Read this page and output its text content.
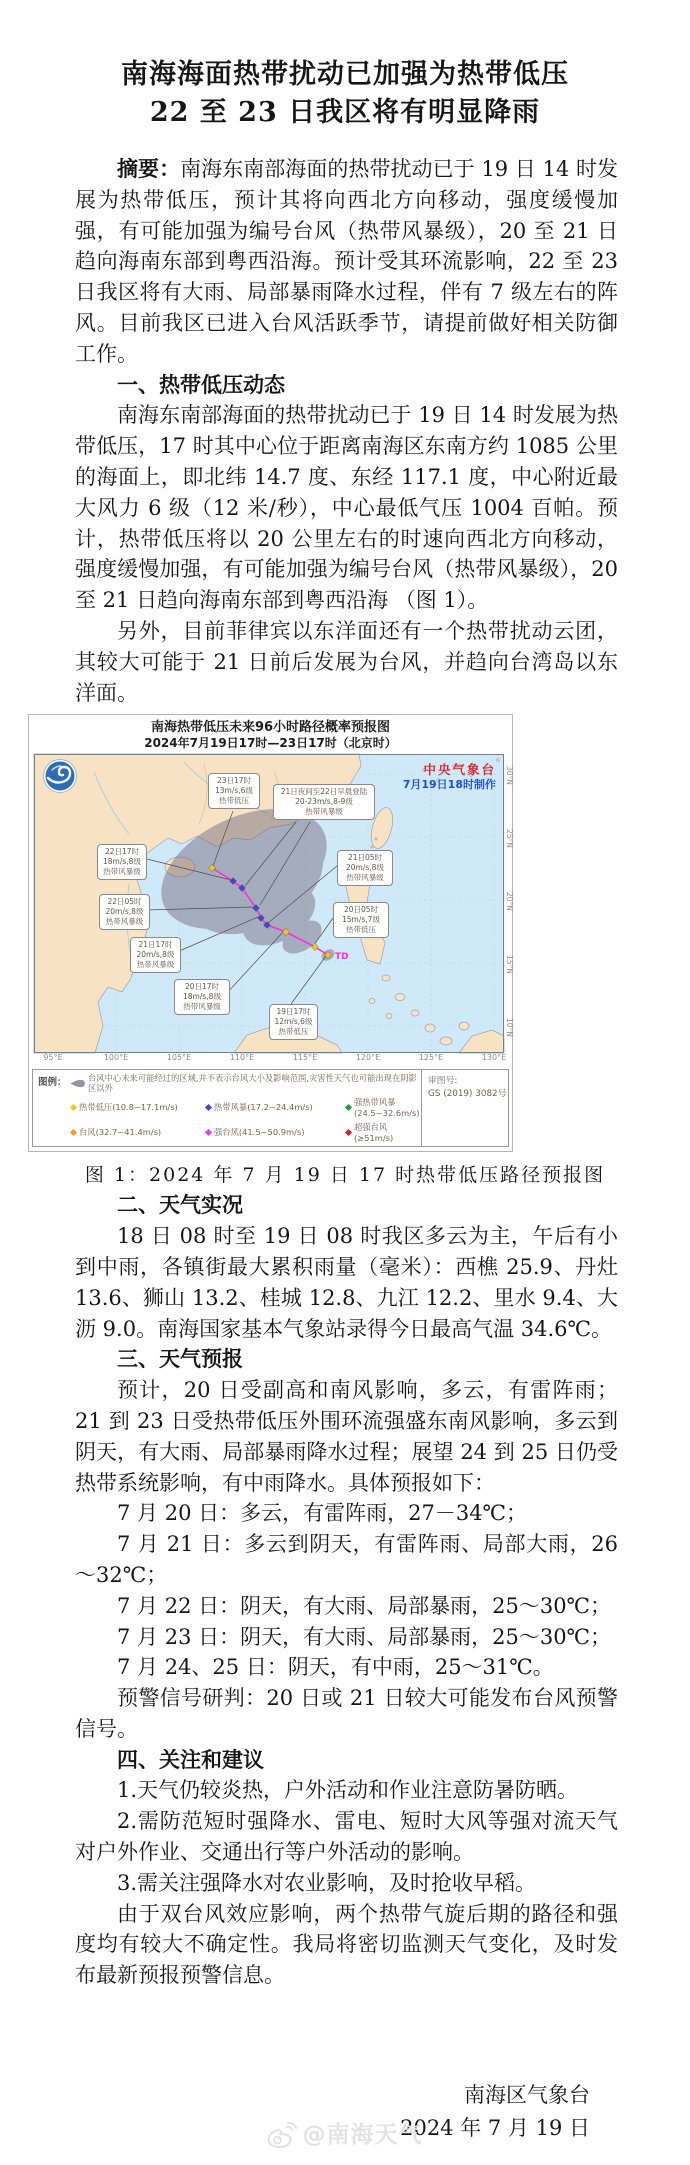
南海海面热带扰动已加强为热带低压
22 至 23 日我区将有明显降雨

摘要：南海东南部海面的热带扰动已于 19 日 14 时发展为热带低压，预计其将向西北方向移动，强度缓慢加强，有可能加强为编号台风（热带风暴级），20 至 21 日趋向海南东部到粤西沿海。预计受其环流影响，22 至 23 日我区将有大雨、局部暴雨降水过程，伴有 7 级左右的阵风。目前我区已进入台风活跃季节，请提前做好相关防御工作。

一、热带低压动态

南海东南部海面的热带扰动已于 19 日 14 时发展为热带低压，17 时其中心位于距离南海区东南方约 1085 公里的海面上，即北纬 14.7 度、东经 117.1 度，中心附近最大风力 6 级（12 米/秒），中心最低气压 1004 百帕。预计，热带低压将以 20 公里左右的时速向西北方向移动，强度缓慢加强，有可能加强为编号台风（热带风暴级），20 至 21 日趋向海南东部到粤西沿海 （图 1）。

另外，目前菲律宾以东洋面还有一个热带扰动云团，其较大可能于 21 日前后发展为台风，并趋向台湾岛以东洋面。

南海热带低压未来96小时路径概率预报图
2024年7月19日17时—23日17时（北京时）
中央气象台
7月19日18时制作
TD
23日17时
13m/s,6级
热带低压
21日夜间至22日早晨登陆
20-23m/s,8-9级
热带风暴级
22日17时
18m/s,8级
热带风暴级
21日05时
20m/s,8级
热带风暴级
22日05时
20m/s,8级
热带风暴级
20日05时
15m/s,7级
热带低压
21日17时
20m/s,8级
热带风暴级
20日17时
18m/s,8级
热带风暴级
19日17时
12m/s,6级
热带低压
30°N
25°N
20°N
15°N
10°N
95°E	100°E	105°E	110°E	115°E	120°E	125°E	130°E
图例：	台风中心未来可能经过的区域,并不表示台风大小及影响范围,灾害性天气也可能出现在阴影区以外
热带低压(10.8~17.1m/s)	热带风暴(17.2~24.4m/s)	强热带风暴(24.5~32.6m/s)
台风(32.7~41.4m/s)	强台风(41.5~50.9m/s)	超强台风(≥51m/s)
审图号:
GS (2019) 3082号
图 1：2024 年 7 月 19 日 17 时热带低压路径预报图

二、天气实况

18 日 08 时至 19 日 08 时我区多云为主，午后有小到中雨，各镇街最大累积雨量（毫米）：西樵 25.9、丹灶 13.6、狮山 13.2、桂城 12.8、九江 12.2、里水 9.4、大沥 9.0。南海国家基本气象站录得今日最高气温 34.6℃。

三、天气预报

预计，20 日受副高和南风影响，多云，有雷阵雨；21 到 23 日受热带低压外围环流强盛东南风影响，多云到阴天，有大雨、局部暴雨降水过程；展望 24 到 25 日仍受热带系统影响，有中雨降水。具体预报如下：

7 月 20 日：多云，有雷阵雨，27－34℃；

7 月 21 日：多云到阴天，有雷阵雨、局部大雨，26～32℃；

7 月 22 日：阴天，有大雨、局部暴雨，25～30℃；

7 月 23 日：阴天，有大雨、局部暴雨，25～30℃；

7 月 24、25 日：阴天，有中雨，25～31℃。

预警信号研判：20 日或 21 日较大可能发布台风预警信号。

四、关注和建议

1.天气仍较炎热，户外活动和作业注意防暑防晒。

2.需防范短时强降水、雷电、短时大风等强对流天气对户外作业、交通出行等户外活动的影响。

3.需关注强降水对农业影响，及时抢收早稻。

由于双台风效应影响，两个热带气旋后期的路径和强度均有较大不确定性。我局将密切监测天气变化，及时发布最新预报预警信息。

南海区气象台
2024 年 7 月 19 日
@南海天气
